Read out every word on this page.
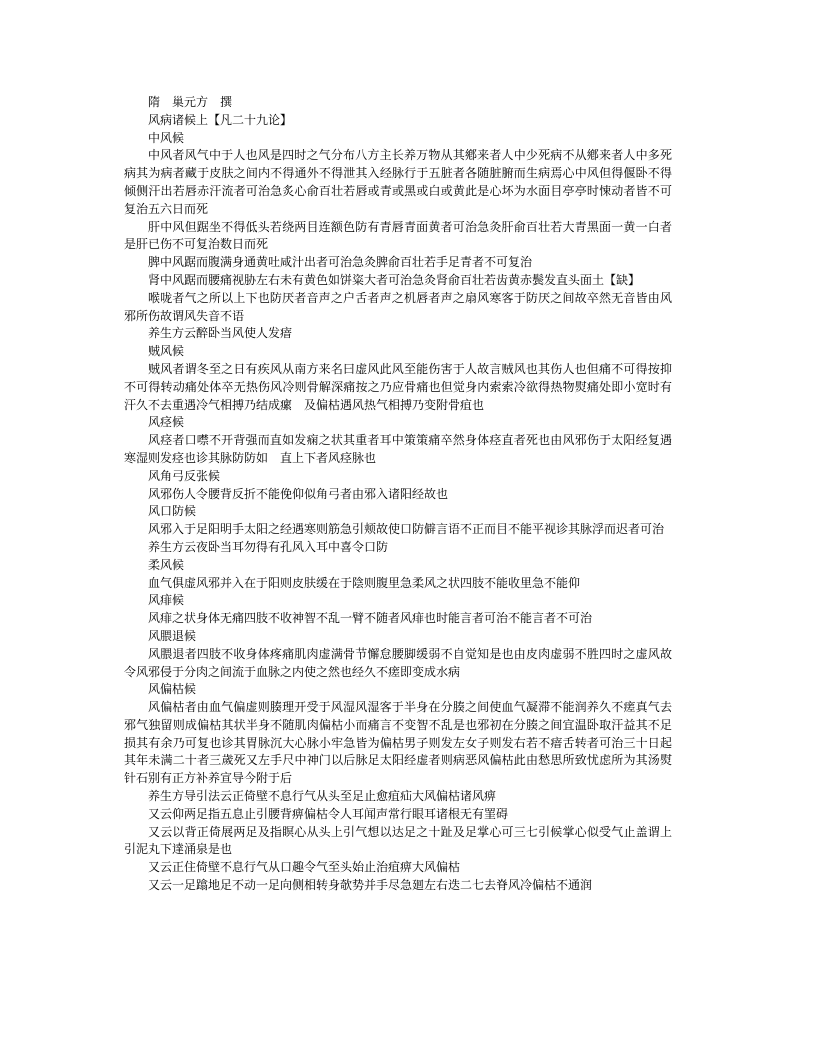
隋　巢元方　撰

风病诸候上【凡二十九论】

中风候

中风者风气中于人也风是四时之气分布八方主长养万物从其鄕来者人中少死病不从鄕来者人中多死病其为病者藏于皮肤之间内不得通外不得泄其入经脉行于五脏者各随脏腑而生病焉心中风但得偃卧不得倾侧汗出若唇赤汗流者可治急炙心俞百壮若唇或青或黑或白或黄此是心坏为水面目亭亭时悚动者皆不可复治五六日而死

肝中风但踞坐不得低头若绕两目连额色防有青唇青面黄者可治急灸肝俞百壮若大青黑面一黄一白者是肝已伤不可复治数日而死

脾中风踞而腹满身通黄吐咸汁出者可治急灸脾俞百壮若手足青者不可复治

肾中风踞而腰痛视胁左右未有黄色如饼粢大者可治急灸肾俞百壮若齿黄赤鬓发直头面土【缺】

喉咙者气之所以上下也防厌者音声之户舌者声之机唇者声之扇风寒客于防厌之间故卒然无音皆由风邪所伤故谓风失音不语

养生方云醉卧当风使人发瘖

贼风候

贼风者谓冬至之日有疾风从南方来名曰虚风此风至能伤害于人故言贼风也其伤人也但痛不可得按抑不可得转动痛处体卒无热伤风冷则骨解深痛按之乃应骨痛也但觉身内索索冷欲得热物熨痛处即小宽时有汗久不去重遇冷气相搏乃结成瘰　及偏枯遇风热气相搏乃变附骨疽也

风痉候

风痉者口噤不开背强而直如发痫之状其重者耳中策策痛卒然身体痉直者死也由风邪伤于太阳经复遇寒湿则发痉也诊其脉防防如　直上下者风痉脉也

风角弓反张候

风邪伤人令腰背反折不能俛仰似角弓者由邪入诸阳经故也

风口防候

风邪入于足阳明手太阳之经遇寒则筋急引颊故使口防僻言语不正而目不能平视诊其脉浮而迟者可治

养生方云夜卧当耳勿得有孔风入耳中喜令口防

柔风候

血气俱虚风邪并入在于阳则皮肤缓在于陰则腹里急柔风之状四肢不能收里急不能仰

风痱候

风痱之状身体无痛四肢不收神智不乱一臂不随者风痱也时能言者可治不能言者不可治

风腲退候

风腲退者四肢不收身体疼痛肌肉虚满骨节懈怠腰脚缓弱不自觉知是也由皮肉虚弱不胜四时之虚风故令风邪侵于分肉之间流于血脉之内使之然也经久不瘥即变成水病

风偏枯候

风偏枯者由血气偏虚则腠理开受于风湿风湿客于半身在分腠之间使血气凝滞不能润养久不瘥真气去邪气独留则成偏枯其状半身不随肌肉偏枯小而痛言不变智不乱是也邪初在分腠之间宜温卧取汗益其不足损其有余乃可复也诊其胃脉沉大心脉小牢急皆为偏枯男子则发左女子则发右若不瘖舌转者可治三十日起其年未满二十者三歲死又左手尺中神门以后脉足太阳经虚者则病恶风偏枯此由愁思所致忧虑所为其汤熨针石别有正方补养宣导今附于后

养生方导引法云正倚壁不息行气从头至足止愈疽疝大风偏枯诸风痹

又云仰两足指五息止引腰背痹偏枯令人耳闻声常行眼耳诸根无有罣碍

又云以背正倚展两足及指瞑心从头上引气想以达足之十趾及足掌心可三七引候掌心似受气止盖谓上引泥丸下達涌泉是也

又云正住倚壁不息行气从口趣令气至头始止治疽痹大风偏枯

又云一足蹹地足不动一足向侧相转身欹势并手尽急廻左右迭二七去脊风冷偏枯不通润
